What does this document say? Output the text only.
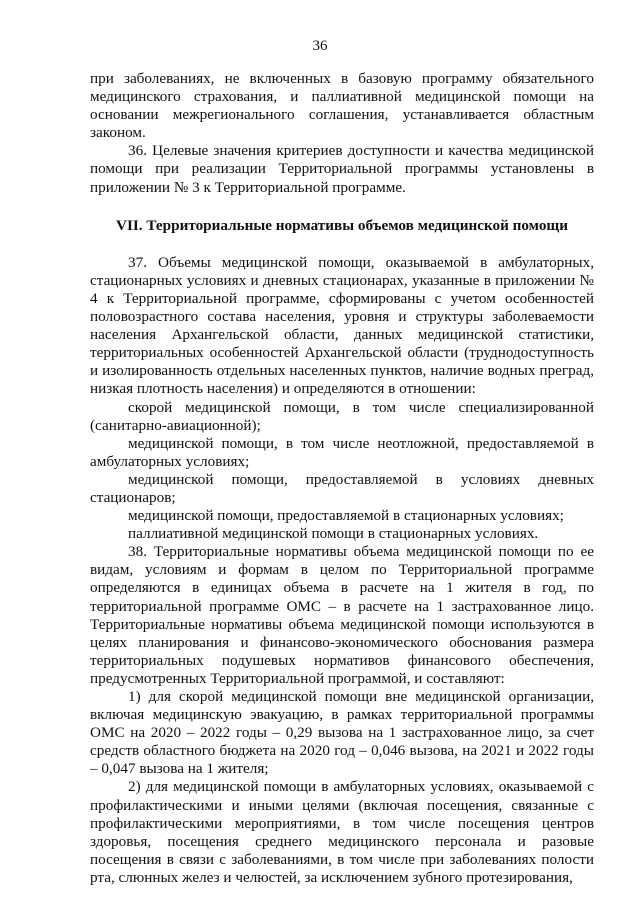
36

при заболеваниях, не включенных в базовую программу обязательного медицинского страхования, и паллиативной медицинской помощи на основании межрегионального соглашения, устанавливается областным законом.

36. Целевые значения критериев доступности и качества медицинской помощи при реализации Территориальной программы установлены в приложении № 3 к Территориальной программе.

VII. Территориальные нормативы объемов медицинской помощи

37. Объемы медицинской помощи, оказываемой в амбулаторных, стационарных условиях и дневных стационарах, указанные в приложении № 4 к Территориальной программе, сформированы с учетом особенностей половозрастного состава населения, уровня и структуры заболеваемости населения Архангельской области, данных медицинской статистики, территориальных особенностей Архангельской области (труднодоступность и изолированность отдельных населенных пунктов, наличие водных преград, низкая плотность населения) и определяются в отношении:

скорой медицинской помощи, в том числе специализированной (санитарно-авиационной);

медицинской помощи, в том числе неотложной, предоставляемой в амбулаторных условиях;

медицинской помощи, предоставляемой в условиях дневных стационаров;

медицинской помощи, предоставляемой в стационарных условиях;

паллиативной медицинской помощи в стационарных условиях.

38. Территориальные нормативы объема медицинской помощи по ее видам, условиям и формам в целом по Территориальной программе определяются в единицах объема в расчете на 1 жителя в год, по территориальной программе ОМС – в расчете на 1 застрахованное лицо. Территориальные нормативы объема медицинской помощи используются в целях планирования и финансово-экономического обоснования размера территориальных подушевых нормативов финансового обеспечения, предусмотренных Территориальной программой, и составляют:

1) для скорой медицинской помощи вне медицинской организации, включая медицинскую эвакуацию, в рамках территориальной программы ОМС на 2020 – 2022 годы – 0,29 вызова на 1 застрахованное лицо, за счет средств областного бюджета на 2020 год – 0,046 вызова, на 2021 и 2022 годы – 0,047 вызова на 1 жителя;

2) для медицинской помощи в амбулаторных условиях, оказываемой с профилактическими и иными целями (включая посещения, связанные с профилактическими мероприятиями, в том числе посещения центров здоровья, посещения среднего медицинского персонала и разовые посещения в связи с заболеваниями, в том числе при заболеваниях полости рта, слюнных желез и челюстей, за исключением зубного протезирования,
